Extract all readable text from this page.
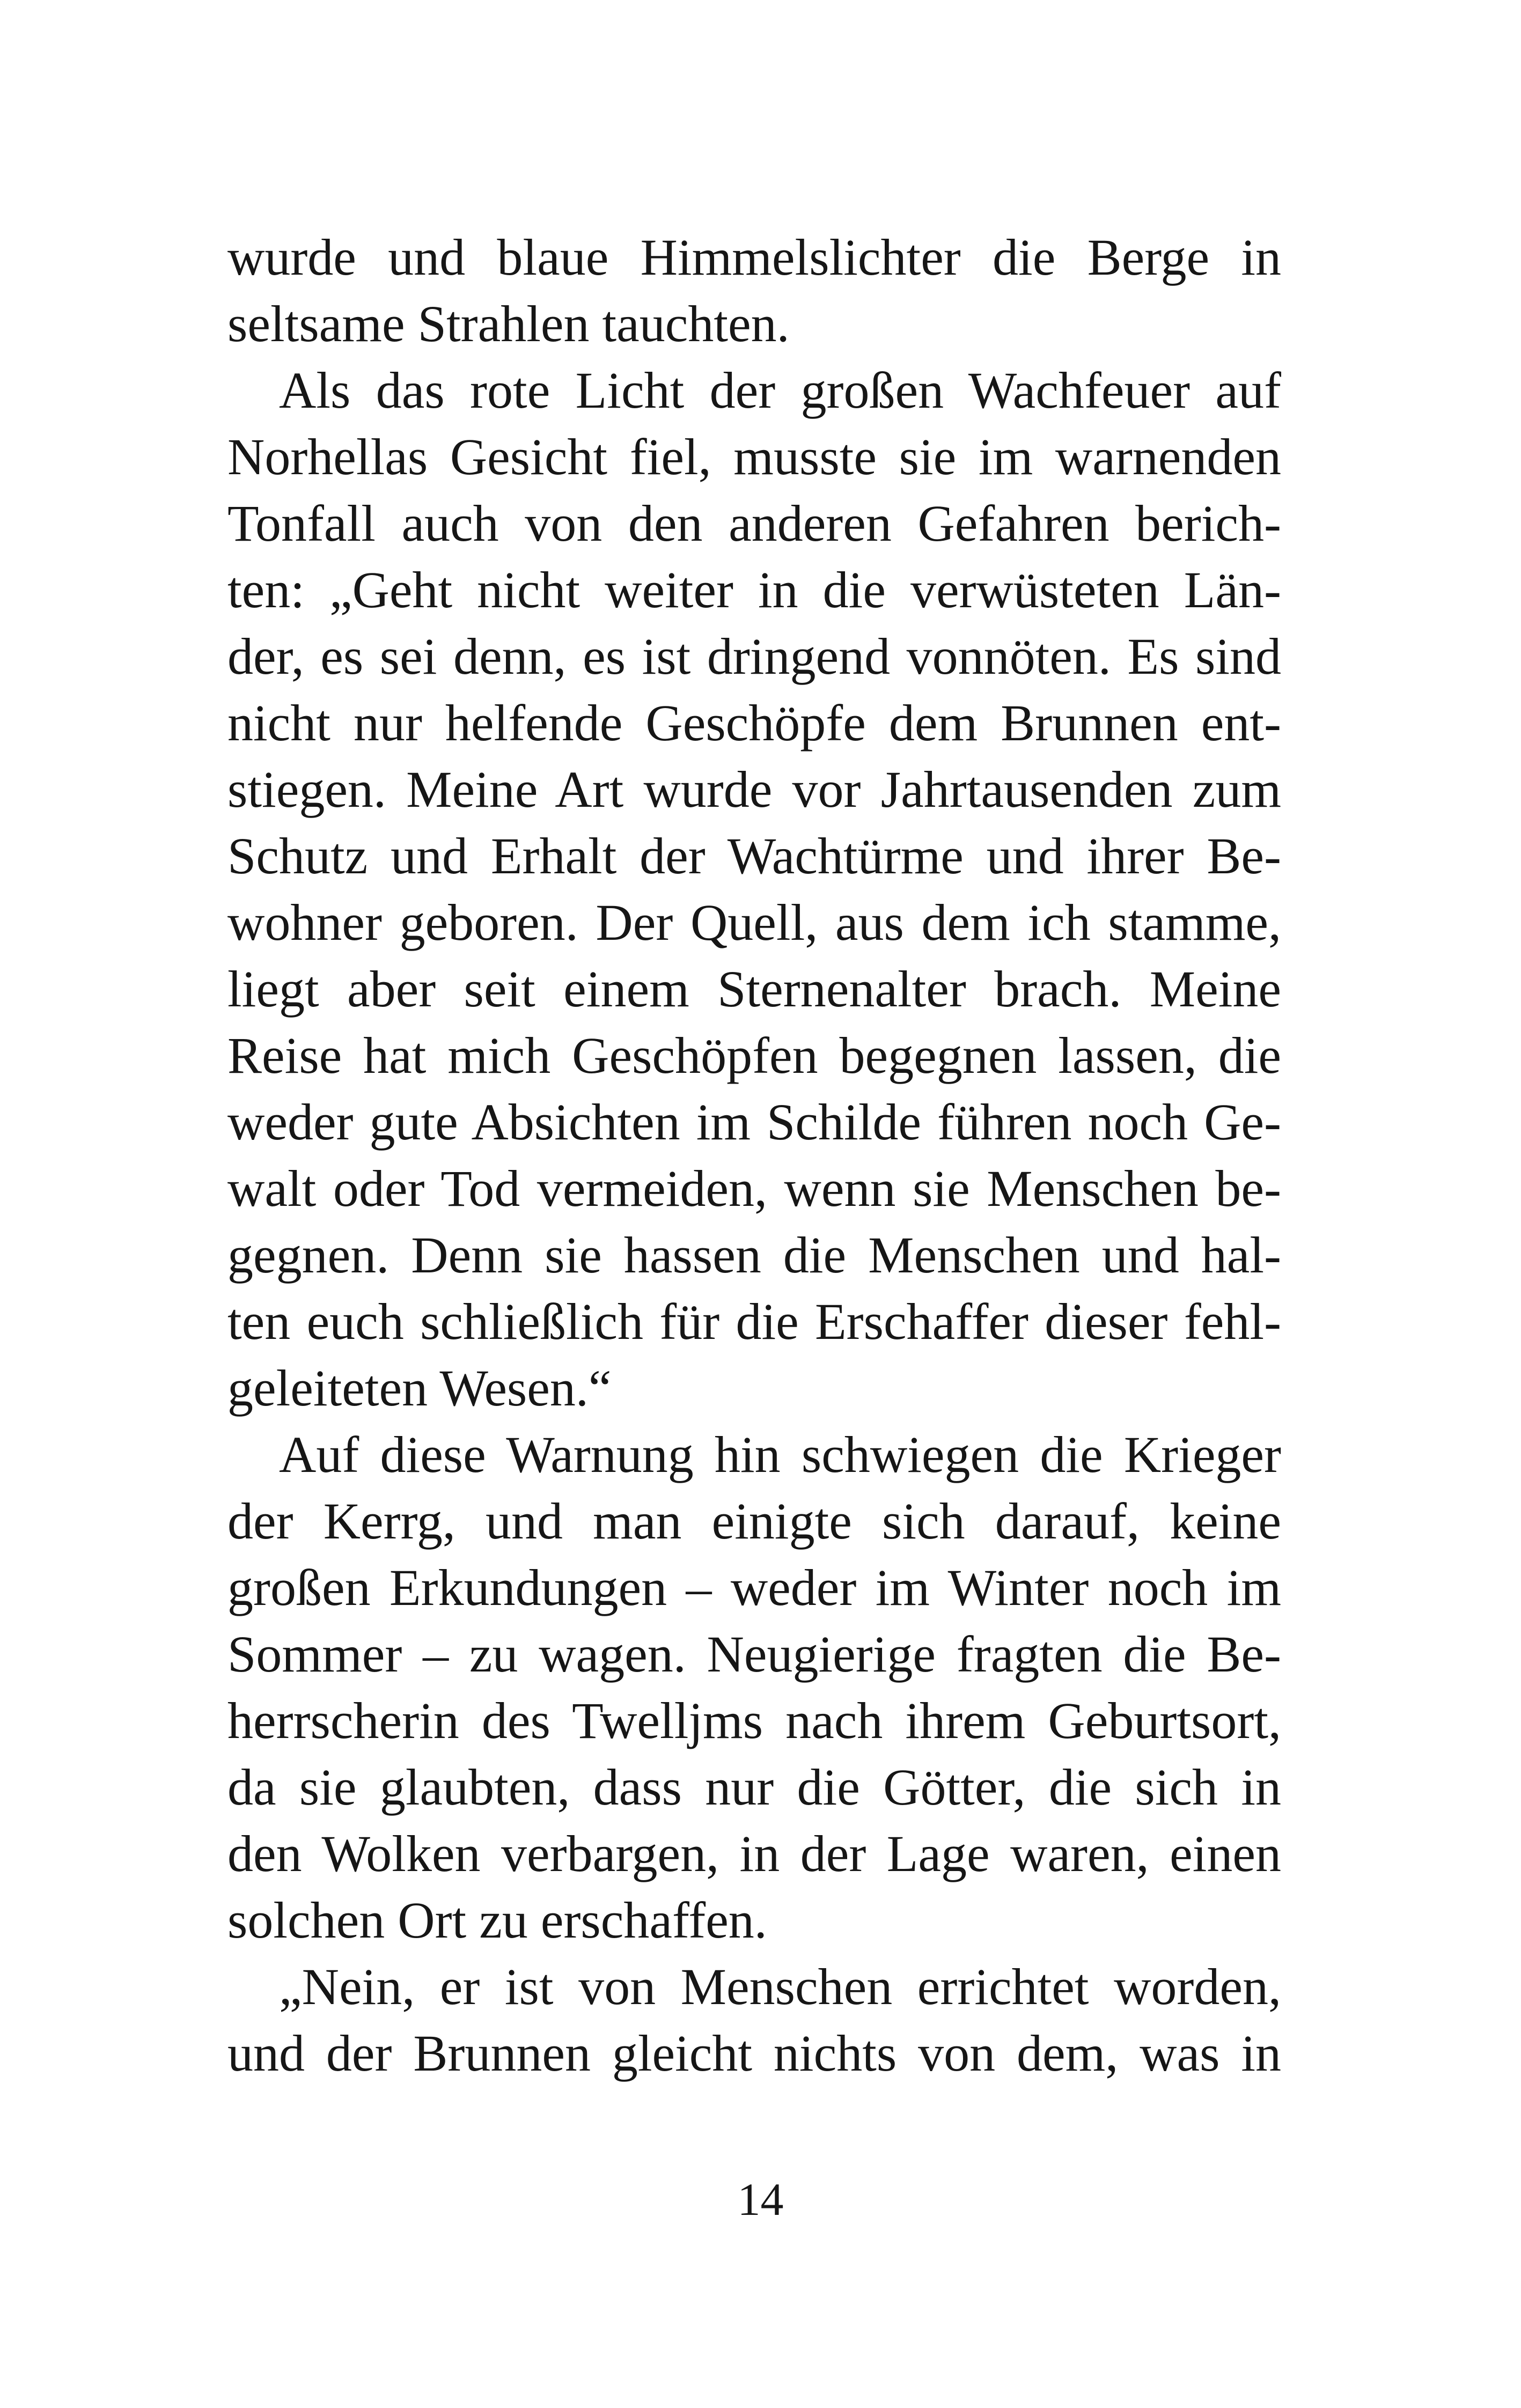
wurde und blaue Himmelslichter die Berge in
seltsame Strahlen tauchten.
Als das rote Licht der großen Wachfeuer auf
Norhellas Gesicht fiel, musste sie im warnenden
Tonfall auch von den anderen Gefahren berich-
ten: „Geht nicht weiter in die verwüsteten Län-
der, es sei denn, es ist dringend vonnöten. Es sind
nicht nur helfende Geschöpfe dem Brunnen ent-
stiegen. Meine Art wurde vor Jahrtausenden zum
Schutz und Erhalt der Wachtürme und ihrer Be-
wohner geboren. Der Quell, aus dem ich stamme,
liegt aber seit einem Sternenalter brach. Meine
Reise hat mich Geschöpfen begegnen lassen, die
weder gute Absichten im Schilde führen noch Ge-
walt oder Tod vermeiden, wenn sie Menschen be-
gegnen. Denn sie hassen die Menschen und hal-
ten euch schließlich für die Erschaffer dieser fehl-
geleiteten Wesen.“
Auf diese Warnung hin schwiegen die Krieger
der Kerrg, und man einigte sich darauf, keine
großen Erkundungen – weder im Winter noch im
Sommer – zu wagen. Neugierige fragten die Be-
herrscherin des Twelljms nach ihrem Geburtsort,
da sie glaubten, dass nur die Götter, die sich in
den Wolken verbargen, in der Lage waren, einen
solchen Ort zu erschaffen.
„Nein, er ist von Menschen errichtet worden,
und der Brunnen gleicht nichts von dem, was in
14
